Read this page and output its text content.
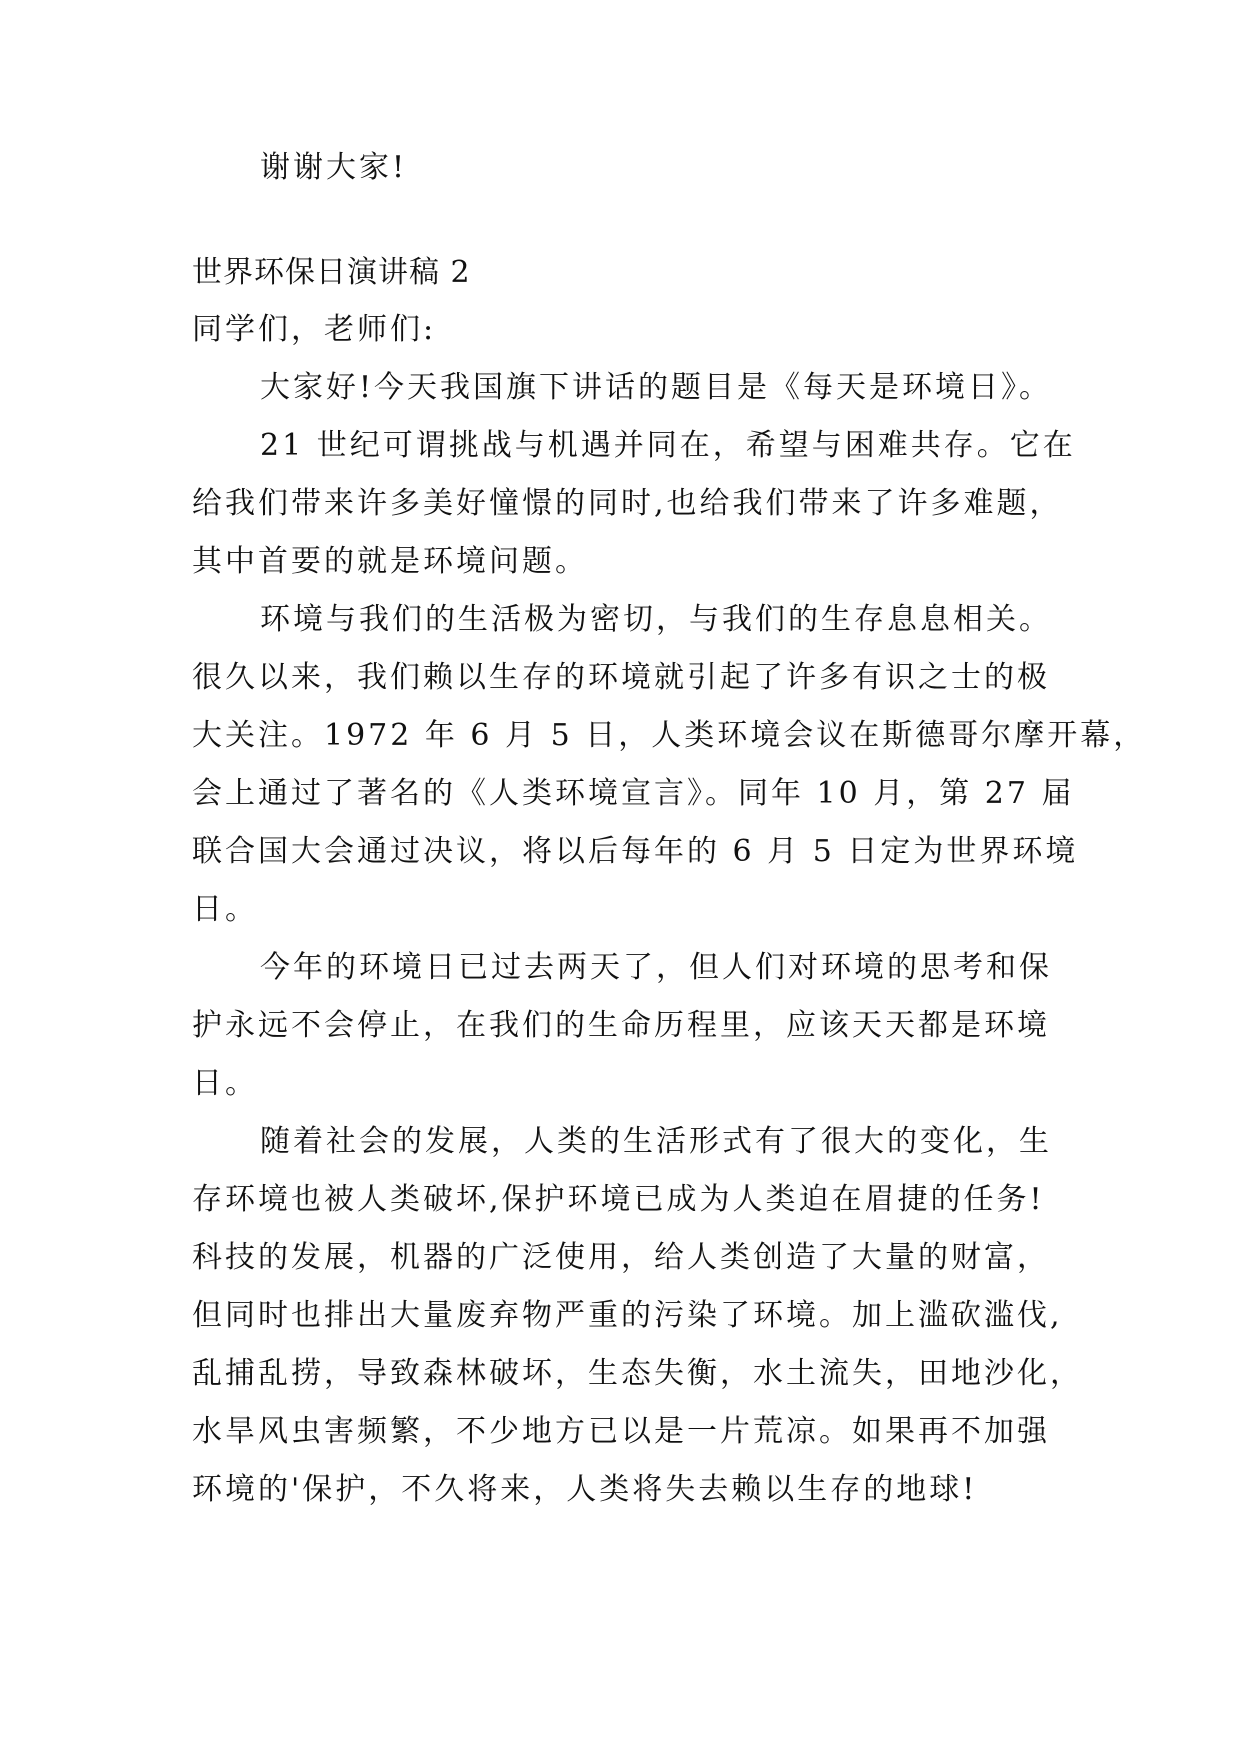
谢谢大家!
世界环保日演讲稿 2
同学们，老师们:
大家好!今天我国旗下讲话的题目是《每天是环境日》。
21 世纪可谓挑战与机遇并同在，希望与困难共存。它在
给我们带来许多美好憧憬的同时,也给我们带来了许多难题，
其中首要的就是环境问题。
环境与我们的生活极为密切，与我们的生存息息相关。
很久以来，我们赖以生存的环境就引起了许多有识之士的极
大关注。1972 年 6 月 5 日，人类环境会议在斯德哥尔摩开幕，
会上通过了著名的《人类环境宣言》。同年 10 月，第 27 届
联合国大会通过决议，将以后每年的 6 月 5 日定为世界环境
日。
今年的环境日已过去两天了，但人们对环境的思考和保
护永远不会停止，在我们的生命历程里，应该天天都是环境
日。
随着社会的发展，人类的生活形式有了很大的变化，生
存环境也被人类破坏,保护环境已成为人类迫在眉捷的任务!
科技的发展，机器的广泛使用，给人类创造了大量的财富，
但同时也排出大量废弃物严重的污染了环境。加上滥砍滥伐,
乱捕乱捞，导致森林破坏，生态失衡，水土流失，田地沙化，
水旱风虫害频繁，不少地方已以是一片荒凉。如果再不加强
环境的'保护，不久将来，人类将失去赖以生存的地球!
